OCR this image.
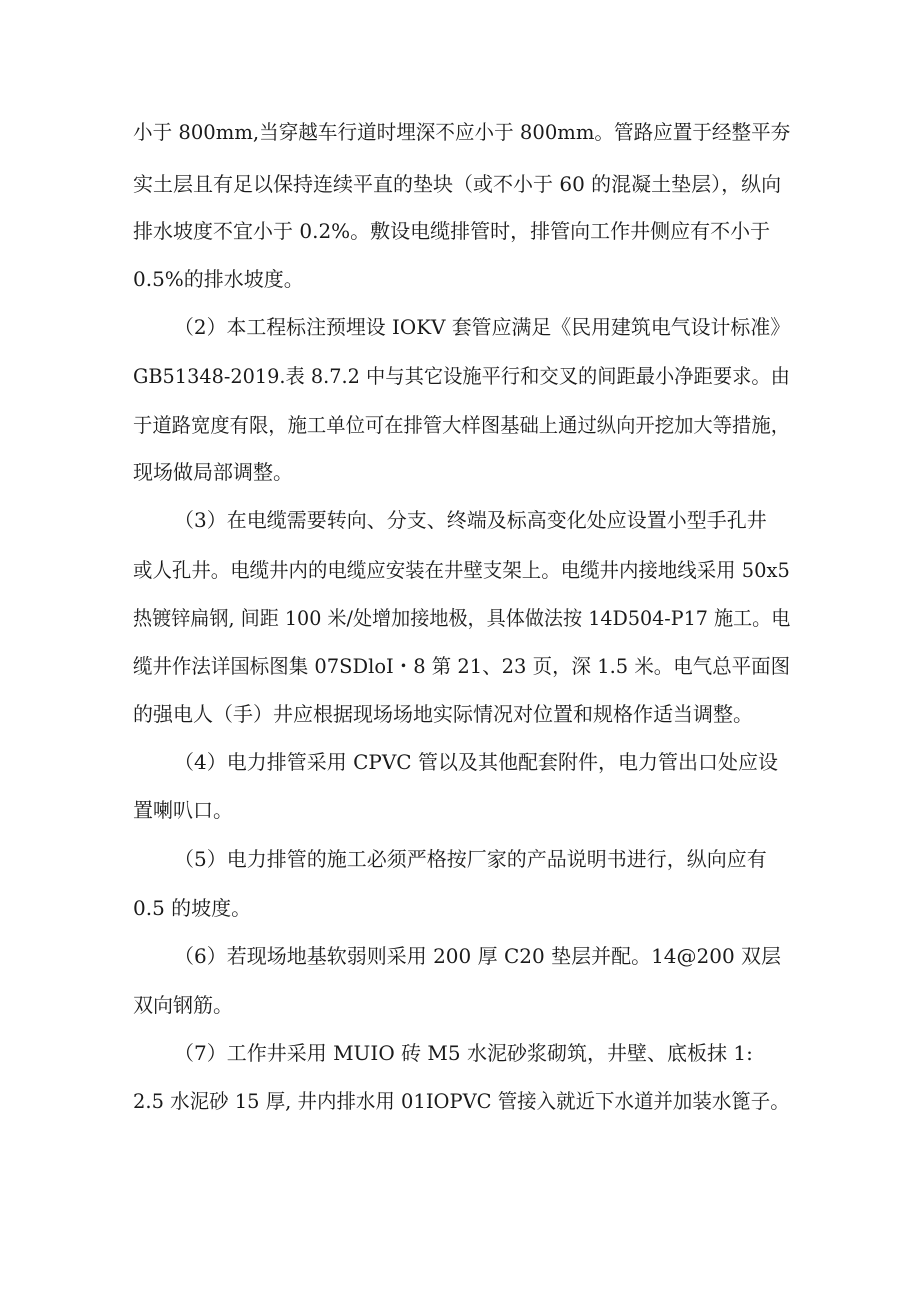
小于 800mm,当穿越车行道时埋深不应小于 800mm。管路应置于经整平夯
实土层且有足以保持连续平直的垫块（或不小于 60 的混凝土垫层），纵向
排水坡度不宜小于 0.2%。敷设电缆排管时，排管向工作井侧应有不小于
0.5%的排水坡度。
（2）本工程标注预埋设 IOKV 套管应满足《民用建筑电气设计标准》
GB51348-2019.表 8.7.2 中与其它设施平行和交叉的间距最小净距要求。由
于道路宽度有限，施工单位可在排管大样图基础上通过纵向开挖加大等措施，
现场做局部调整。
（3）在电缆需要转向、分支、终端及标高变化处应设置小型手孔井
或人孔井。电缆井内的电缆应安装在井壁支架上。电缆井内接地线采用 50x5
热镀锌扁钢, 间距 100 米/处增加接地极，具体做法按 14D504-P17 施工。电
缆井作法详国标图集 07SDloI・8 第 21、23 页，深 1.5 米。电气总平面图
的强电人（手）井应根据现场场地实际情况对位置和规格作适当调整。
（4）电力排管采用 CPVC 管以及其他配套附件，电力管出口处应设
置喇叭口。
（5）电力排管的施工必须严格按厂家的产品说明书进行，纵向应有
0.5 的坡度。
（6）若现场地基软弱则采用 200 厚 C20 垫层并配。14@200 双层
双向钢筋。
（7）工作井采用 MUIO 砖 M5 水泥砂浆砌筑，井壁、底板抹 1:
2.5 水泥砂 15 厚, 井内排水用 01IOPVC 管接入就近下水道并加装水篦子。
